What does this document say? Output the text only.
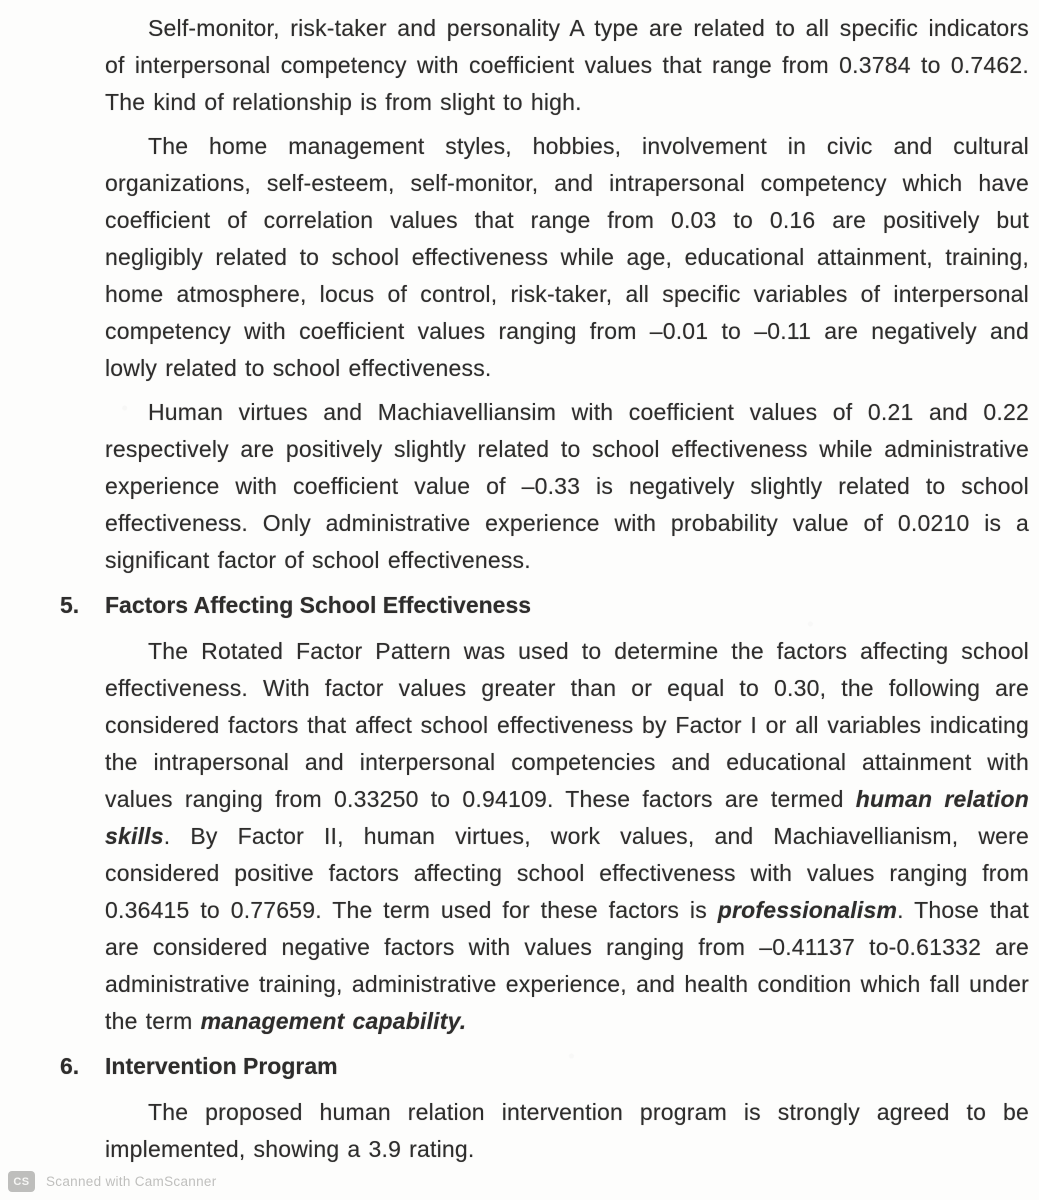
Self-monitor, risk-taker and personality A type are related to all specific indicators of interpersonal competency with coefficient values that range from 0.3784 to 0.7462. The kind of relationship is from slight to high.

The home management styles, hobbies, involvement in civic and cultural organizations, self-esteem, self-monitor, and intrapersonal competency which have coefficient of correlation values that range from 0.03 to 0.16 are positively but negligibly related to school effectiveness while age, educational attainment, training, home atmosphere, locus of control, risk-taker, all specific variables of interpersonal competency with coefficient values ranging from –0.01 to –0.11 are negatively and lowly related to school effectiveness.

Human virtues and Machiavelliansim with coefficient values of 0.21 and 0.22 respectively are positively slightly related to school effectiveness while administrative experience with coefficient value of –0.33 is negatively slightly related to school effectiveness. Only administrative experience with probability value of 0.0210 is a significant factor of school effectiveness.

5.	Factors Affecting School Effectiveness

The Rotated Factor Pattern was used to determine the factors affecting school effectiveness. With factor values greater than or equal to 0.30, the following are considered factors that affect school effectiveness by Factor I or all variables indicating the intrapersonal and interpersonal competencies and educational attainment with values ranging from 0.33250 to 0.94109. These factors are termed human relation skills. By Factor II, human virtues, work values, and Machiavellianism, were considered positive factors affecting school effectiveness with values ranging from 0.36415 to 0.77659. The term used for these factors is professionalism. Those that are considered negative factors with values ranging from –0.41137 to-0.61332 are administrative training, administrative experience, and health condition which fall under the term management capability.

6.	Intervention Program

The proposed human relation intervention program is strongly agreed to be implemented, showing a 3.9 rating.

CS	Scanned with CamScanner
